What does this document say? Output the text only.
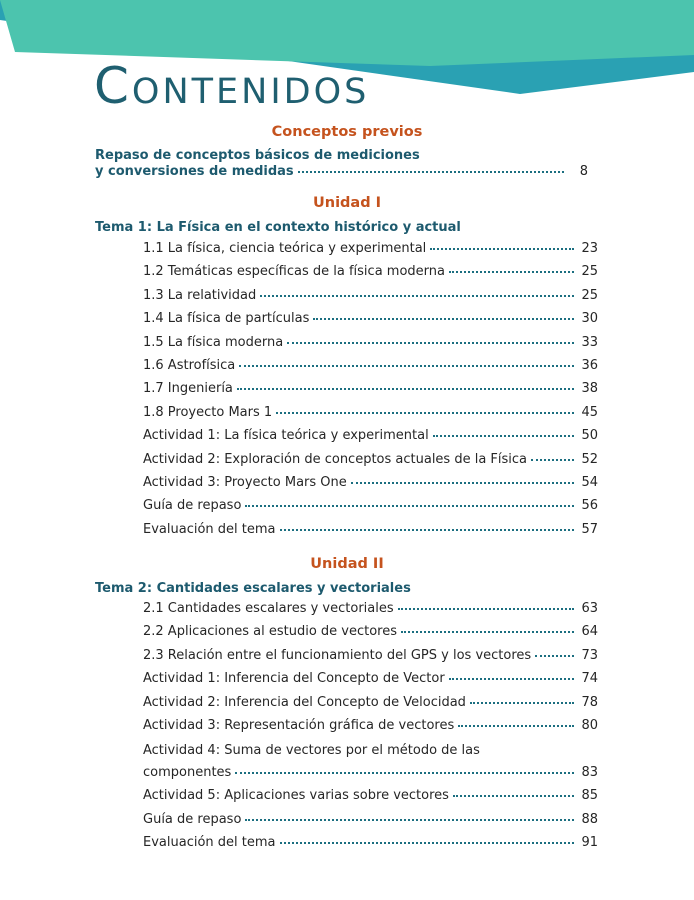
Contenidos
Conceptos previos
Repaso de conceptos básicos de mediciones
y conversiones de medidas	8
Unidad I
Tema 1: La Física en el contexto histórico y actual
1.1 La física, ciencia teórica y experimental	23
1.2 Temáticas específicas de la física moderna	25
1.3 La relatividad	25
1.4 La física de partículas	30
1.5 La física moderna	33
1.6 Astrofísica	36
1.7 Ingeniería	38
1.8 Proyecto Mars 1	45
Actividad 1: La física teórica y experimental	50
Actividad 2: Exploración de conceptos actuales de la Física	52
Actividad 3: Proyecto Mars One	54
Guía de repaso	56
Evaluación del tema	57
Unidad II
Tema 2: Cantidades escalares y vectoriales
2.1 Cantidades escalares y vectoriales	63
2.2 Aplicaciones al estudio de vectores	64
2.3 Relación entre el funcionamiento del GPS y los vectores	73
Actividad 1: Inferencia del Concepto de Vector	74
Actividad 2: Inferencia del Concepto de Velocidad	78
Actividad 3: Representación gráfica de vectores	80
Actividad 4: Suma de vectores por el método de las
componentes	83
Actividad 5: Aplicaciones varias sobre vectores	85
Guía de repaso	88
Evaluación del tema	91
